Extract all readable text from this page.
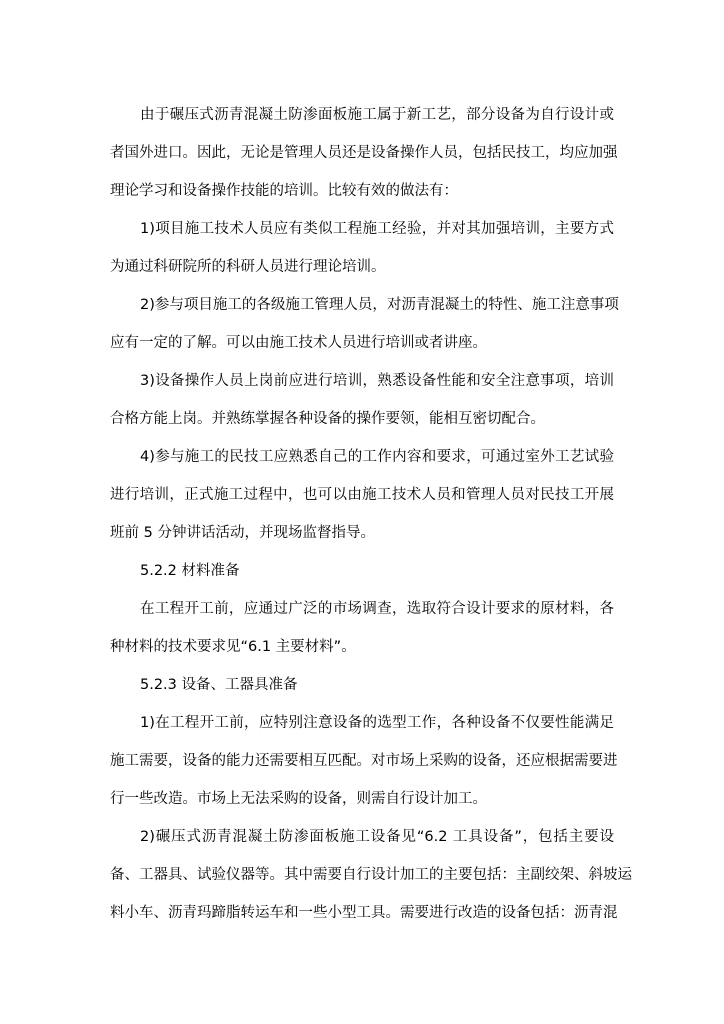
由于碾压式沥青混凝土防渗面板施工属于新工艺，部分设备为自行设计或
者国外进口。因此，无论是管理人员还是设备操作人员，包括民技工，均应加强
理论学习和设备操作技能的培训。比较有效的做法有：
1)项目施工技术人员应有类似工程施工经验，并对其加强培训，主要方式
为通过科研院所的科研人员进行理论培训。
2)参与项目施工的各级施工管理人员，对沥青混凝土的特性、施工注意事项
应有一定的了解。可以由施工技术人员进行培训或者讲座。
3)设备操作人员上岗前应进行培训，熟悉设备性能和安全注意事项，培训
合格方能上岗。并熟练掌握各种设备的操作要领，能相互密切配合。
4)参与施工的民技工应熟悉自己的工作内容和要求，可通过室外工艺试验
进行培训，正式施工过程中，也可以由施工技术人员和管理人员对民技工开展
班前 5 分钟讲话活动，并现场监督指导。
5.2.2 材料准备
在工程开工前，应通过广泛的市场调查，选取符合设计要求的原材料，各
种材料的技术要求见“6.1 主要材料”。
5.2.3 设备、工器具准备
1)在工程开工前，应特别注意设备的选型工作，各种设备不仅要性能满足
施工需要，设备的能力还需要相互匹配。对市场上采购的设备，还应根据需要进
行一些改造。市场上无法采购的设备，则需自行设计加工。
2)碾压式沥青混凝土防渗面板施工设备见“6.2 工具设备”，包括主要设
备、工器具、试验仪器等。其中需要自行设计加工的主要包括：主副绞架、斜坡运
料小车、沥青玛蹄脂转运车和一些小型工具。需要进行改造的设备包括：沥青混
